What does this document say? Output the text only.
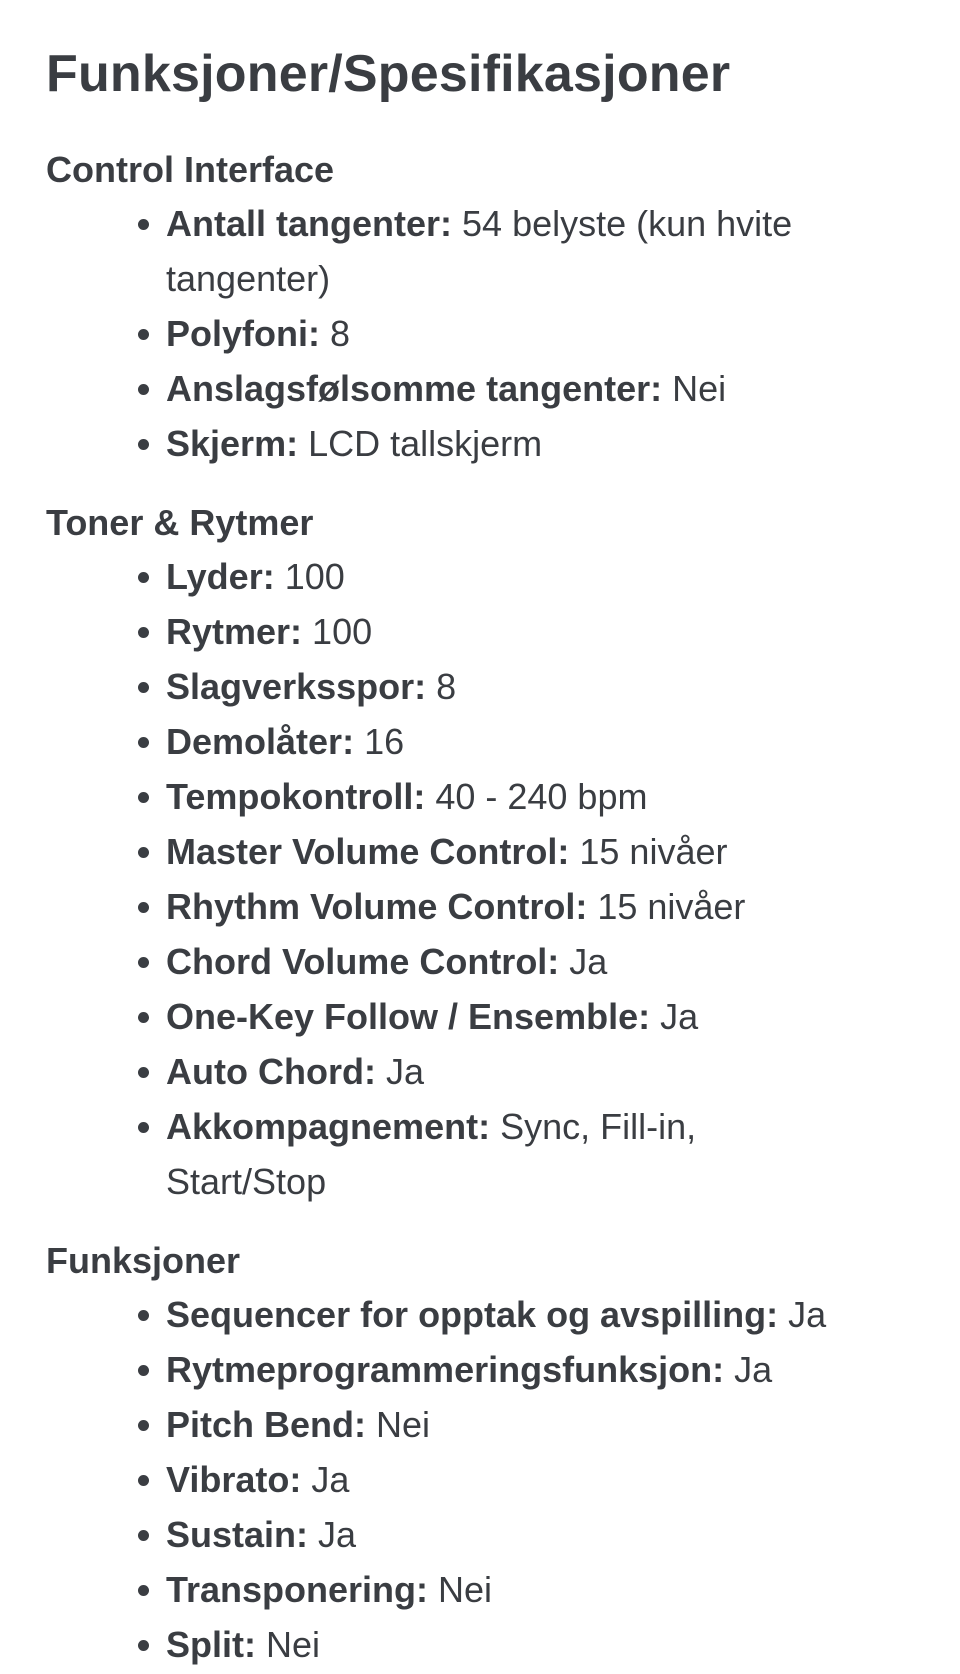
Funksjoner/Spesifikasjoner
Control Interface
Antall tangenter: 54 belyste (kun hvite tangenter)
Polyfoni: 8
Anslagsfølsomme tangenter: Nei
Skjerm: LCD tallskjerm
Toner & Rytmer
Lyder: 100
Rytmer: 100
Slagverksspor: 8
Demolåter: 16
Tempokontroll: 40 - 240 bpm
Master Volume Control: 15 nivåer
Rhythm Volume Control: 15 nivåer
Chord Volume Control: Ja
One-Key Follow / Ensemble: Ja
Auto Chord: Ja
Akkompagnement: Sync, Fill-in, Start/Stop
Funksjoner
Sequencer for opptak og avspilling: Ja
Rytmeprogrammeringsfunksjon: Ja
Pitch Bend: Nei
Vibrato: Ja
Sustain: Ja
Transponering: Nei
Split: Nei
